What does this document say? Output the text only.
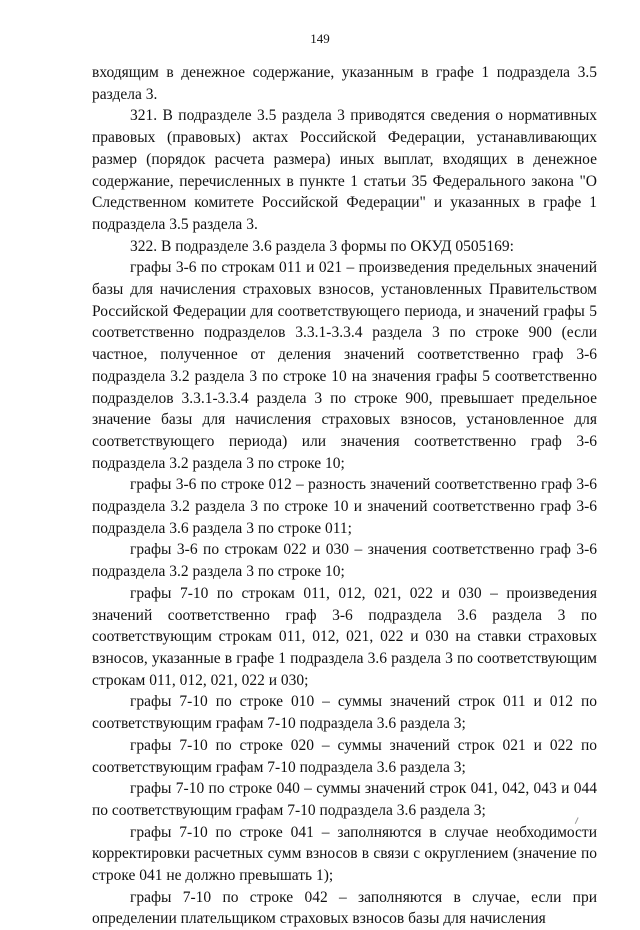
149

входящим в денежное содержание, указанным в графе 1 подраздела 3.5 раздела 3.

321. В подразделе 3.5 раздела 3 приводятся сведения о нормативных правовых (правовых) актах Российской Федерации, устанавливающих размер (порядок расчета размера) иных выплат, входящих в денежное содержание, перечисленных в пункте 1 статьи 35 Федерального закона "О Следственном комитете Российской Федерации" и указанных в графе 1 подраздела 3.5 раздела 3.

322. В подразделе 3.6 раздела 3 формы по ОКУД 0505169:

графы 3-6 по строкам 011 и 021 – произведения предельных значений базы для начисления страховых взносов, установленных Правительством Российской Федерации для соответствующего периода, и значений графы 5 соответственно подразделов 3.3.1-3.3.4 раздела 3 по строке 900 (если частное, полученное от деления значений соответственно граф 3-6 подраздела 3.2 раздела 3 по строке 10 на значения графы 5 соответственно подразделов 3.3.1-3.3.4 раздела 3 по строке 900, превышает предельное значение базы для начисления страховых взносов, установленное для соответствующего периода) или значения соответственно граф 3-6 подраздела 3.2 раздела 3 по строке 10;

графы 3-6 по строке 012 – разность значений соответственно граф 3-6 подраздела 3.2 раздела 3 по строке 10 и значений соответственно граф 3-6 подраздела 3.6 раздела 3 по строке 011;

графы 3-6 по строкам 022 и 030 – значения соответственно граф 3-6 подраздела 3.2 раздела 3 по строке 10;

графы 7-10 по строкам 011, 012, 021, 022 и 030 – произведения значений соответственно граф 3-6 подраздела 3.6 раздела 3 по соответствующим строкам 011, 012, 021, 022 и 030 на ставки страховых взносов, указанные в графе 1 подраздела 3.6 раздела 3 по соответствующим строкам 011, 012, 021, 022 и 030;

графы 7-10 по строке 010 – суммы значений строк 011 и 012 по соответствующим графам 7-10 подраздела 3.6 раздела 3;

графы 7-10 по строке 020 – суммы значений строк 021 и 022 по соответствующим графам 7-10 подраздела 3.6 раздела 3;

графы 7-10 по строке 040 – суммы значений строк 041, 042, 043 и 044 по соответствующим графам 7-10 подраздела 3.6 раздела 3;

графы 7-10 по строке 041 – заполняются в случае необходимости корректировки расчетных сумм взносов в связи с округлением (значение по строке 041 не должно превышать 1);

графы 7-10 по строке 042 – заполняются в случае, если при определении плательщиком страховых взносов базы для начисления
